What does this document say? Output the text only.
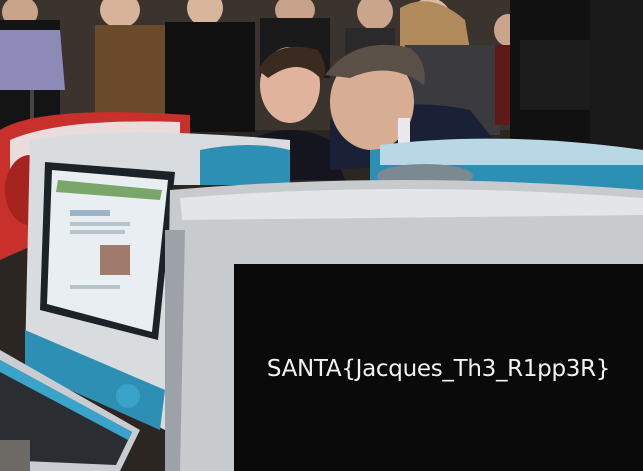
SANTA{Jacques_Th3_R1pp3R}
